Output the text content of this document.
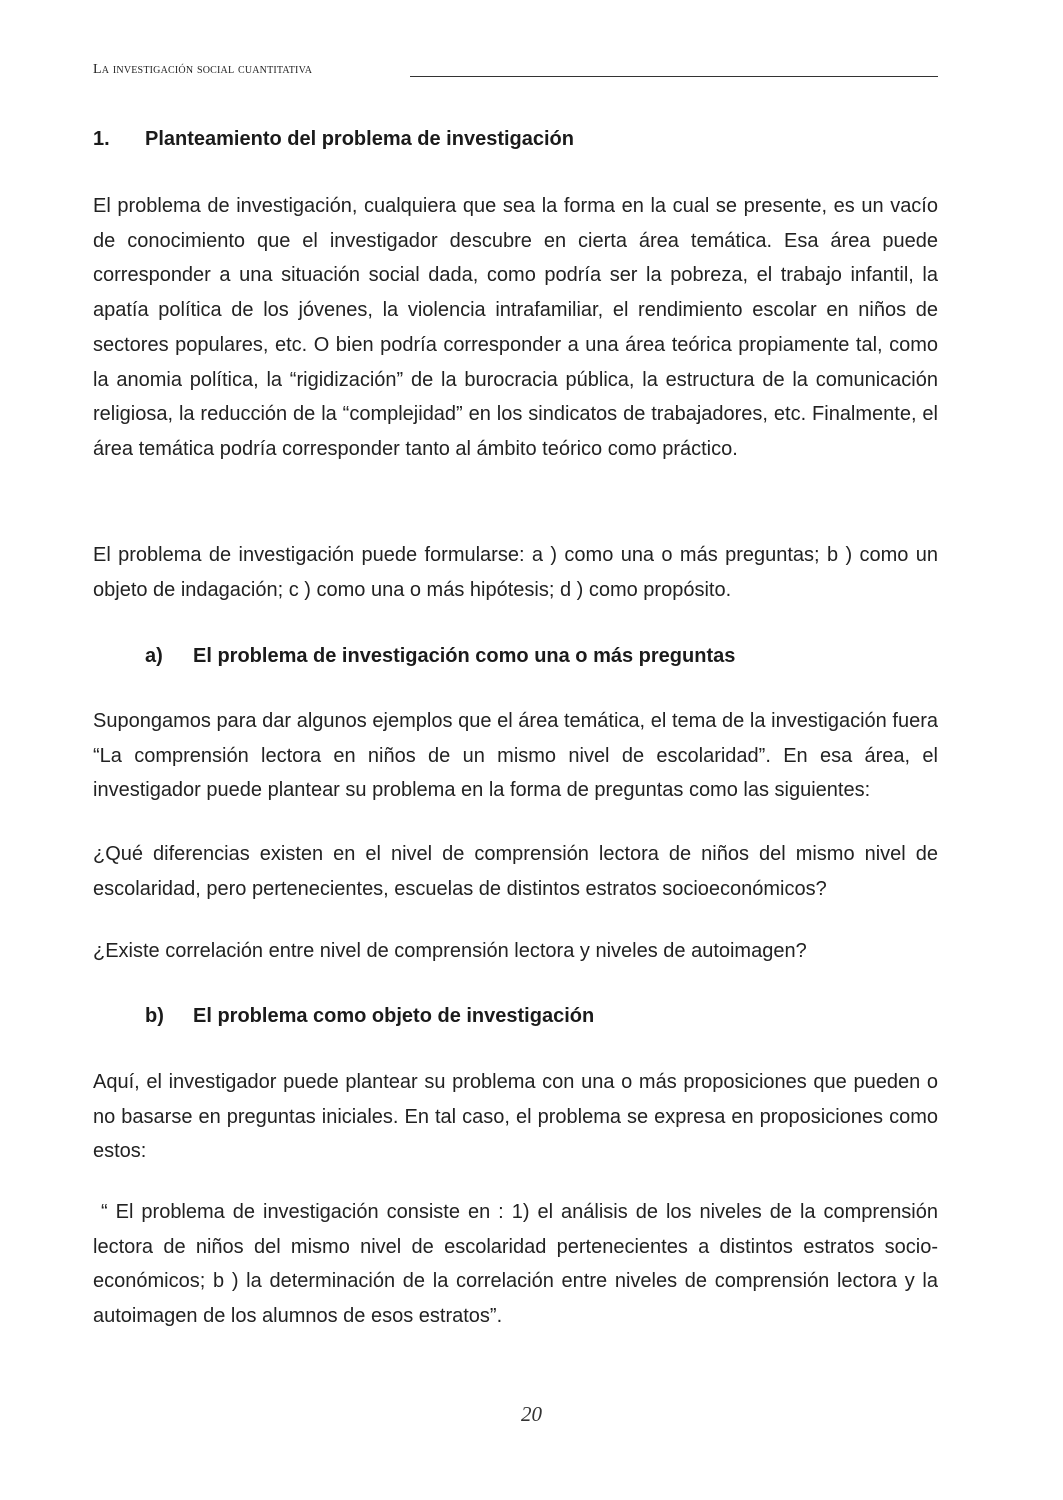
La investigación social cuantitativa
1. Planteamiento del problema de investigación

El problema de investigación, cualquiera que sea la forma en la cual se presente, es un vacío de conocimiento que el investigador descubre en cierta área temática. Esa área puede corresponder a una situación social dada, como podría ser la pobreza, el trabajo infantil, la apatía política de los jóvenes, la violencia intrafamiliar, el rendimiento escolar en niños de sectores populares, etc. O bien podría corresponder a una área teórica propiamente tal, como la anomia política, la “rigidización” de la burocracia pública, la estructura de la comunicación religiosa, la reducción de la “complejidad” en los sindicatos de trabajadores, etc. Finalmente, el área temática podría corresponder tanto al ámbito teórico como práctico.

El problema de investigación puede formularse: a ) como una o más preguntas; b ) como un objeto de indagación; c ) como una o más hipótesis; d ) como propósito.

a) El problema de investigación como una o más preguntas

Supongamos para dar algunos ejemplos que el área temática, el tema de la investigación fuera “La comprensión lectora en niños de un mismo nivel de escolaridad”. En esa área, el investigador puede plantear su problema en la forma de preguntas como las siguientes:

¿Qué diferencias existen en el nivel de comprensión lectora de niños del mismo nivel de escolaridad, pero pertenecientes, escuelas de distintos estratos socioeconómicos?

¿Existe correlación entre nivel de comprensión lectora y niveles de autoimagen?

b) El problema como objeto de investigación

Aquí, el investigador puede plantear su problema con una o más proposiciones que pueden o no basarse en preguntas iniciales. En tal caso, el problema se expresa en proposiciones como estos:

“ El problema de investigación consiste en : 1) el análisis de los niveles de la comprensión lectora de niños del mismo nivel de escolaridad pertenecientes a distintos estratos socio-económicos; b ) la determinación de la correlación entre niveles de comprensión lectora y la autoimagen de los alumnos de esos estratos”.

20
